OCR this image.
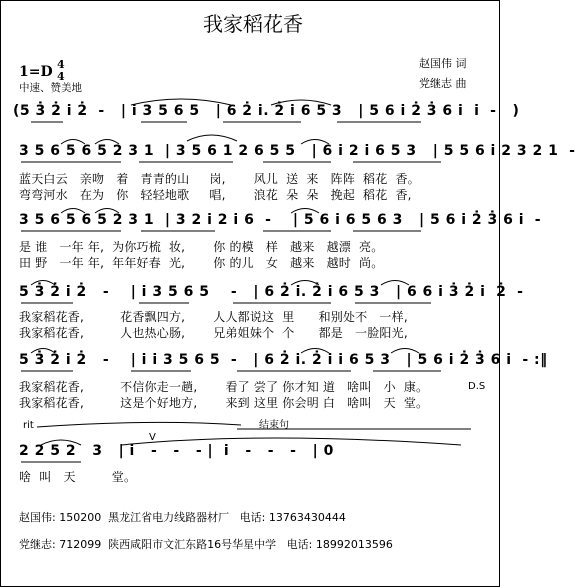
我家稻花香
赵国伟 词
党继志 曲
1=D 4
4
中速、赞美地
(5 3̇ 2̇ i 2̇  -   | i 3 5 6 5   | 6 2̇ i. 2̇ i 6 5 3   | 5 6 i 2̇ 3̇ 6 i  i  -   )
3 5 6 5 6 5 2 3 1  | 3 5 6 1 2 6 5 5   | 6 i 2 i 6 5 3   | 5 5 6 i 2 3 2 1  -
蓝天白云   亲吻   着   青青的山     岗,       风儿  送  来   阵阵  稻花  香。
弯弯河水   在为   你   轻轻地歌     唱,       浪花  朵  朵   挽起  稻花  香,
3 5 6 5 6 5 2 3 1  | 3 2 i 2 i 6  -    | 5 6 i 6 5 6 3   | 5 6 i 2̇ 3̇ 6 i  -
是 谁   一年 年,  为你巧梳  妆,       你 的模   样   越来   越漂  亮。
田 野   一年 年,  年年好春  光,       你 的儿   女   越来   越时  尚。
5 3̇ 2̇ i 2̇   -    | i 3 5 6 5    -   | 6 2̇ i. 2̇ i 6 5 3   | 6 6 i 3̇ 2̇ i  2̇  -
我家稻花香,         花香飘四方,       人人都说这  里      和别处不   一样,
我家稻花香,         人也热心肠,       兄弟姐妹个  个      都是   一脸阳光,
5 3̇ 2̇ i 2̇   -    | i i 3 5 6 5  -   | 6 2̇ i. 2̇ i i 6 5 3   | 5 6 i 2̇ 3̇ 6 i  - :‖
我家稻花香,         不信你走一趟,       看了 尝了 你才知 道   啥叫   小  康。	D.S
我家稻花香,         这是个好地方,       来到 这里 你会明 白   啥叫   天  堂。
rit	结束句
V
2 2 5 2   3   | i   -   -   - |  i   -   -   -   | 0
啥  叫   天         堂。
赵国伟: 150200  黑龙江省电力线路器材厂   电话: 13763430444
党继志: 712099  陕西咸阳市文汇东路16号华星中学   电话: 18992013596
